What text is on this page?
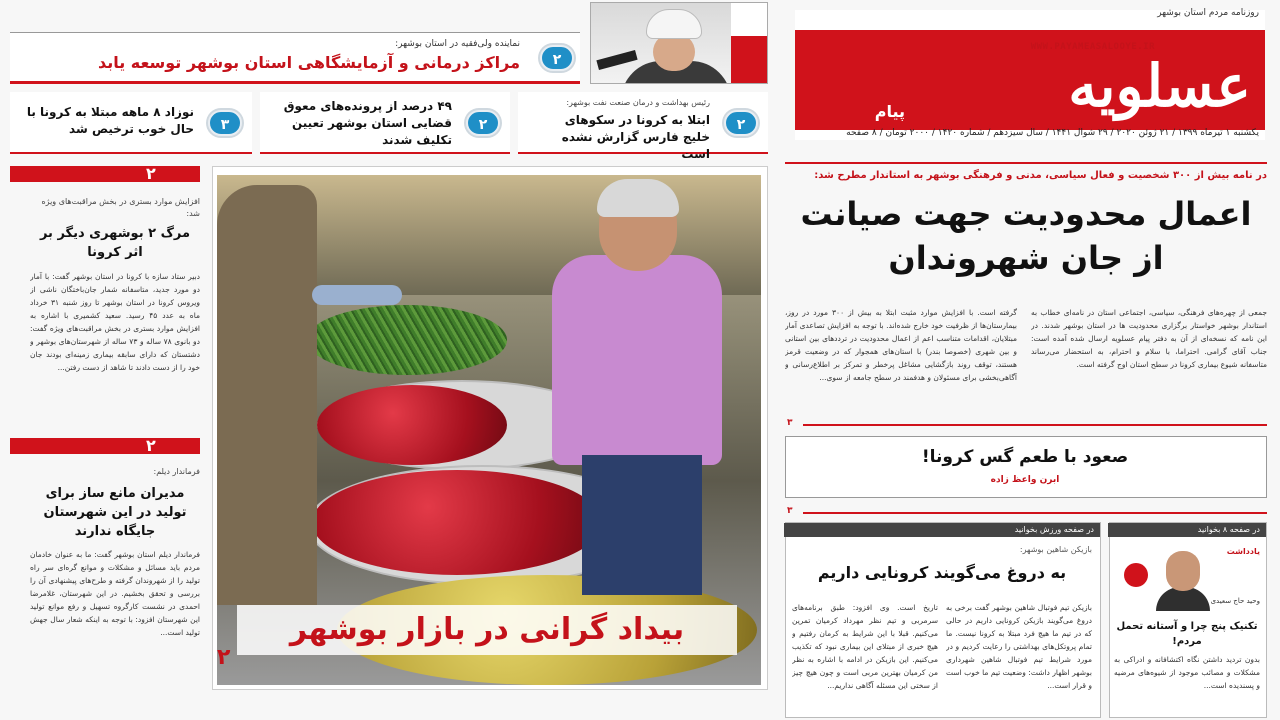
روزنامه مردم استان بوشهر
عسلویه
پیام
WWW.PAYAMEASALOOYE.IR
یکشنبه ۱ تیرماه ۱۳۹۹ / ۲۱ ژوئن ۲۰۲۰ / ۲۹ شوال ۱۴۴۱ / سال سیزدهم / شماره ۱۴۲۰ / ۲۰۰۰ تومان / ۸ صفحه
نماینده ولی‌فقیه در استان بوشهر:
مراکز درمانی و آزمایشگاهی استان بوشهر توسعه یابد	۲
رئیس بهداشت و درمان صنعت نفت بوشهر:
ابتلا به کرونا در سکوهای خلیج فارس گزارش نشده است
۲
۴۹ درصد از پرونده‌های معوق قضایی استان بوشهر تعیین تکلیف شدند
۲
نوزاد ۸ ماهه مبتلا به کرونا با حال خوب ترخیص شد	۳
در نامه بیش از ۳۰۰ شخصیت و فعال سیاسی، مدنی و فرهنگی بوشهر به استاندار مطرح شد:
اعمال محدودیت جهت صیانت
از جان شهروندان
جمعی از چهره‌های فرهنگی، سیاسی، اجتماعی استان در نامه‌ای خطاب به استاندار بوشهر خواستار برگزاری محدودیت ها در استان بوشهر شدند. در این نامه که نسخه‌ای از آن به دفتر پیام عسلویه ارسال شده آمده است: جناب آقای گرامی. احتراما، با سلام و احترام، به استحضار می‌رساند متاسفانه شیوع بیماری کرونا در سطح استان اوج گرفته است.
گرفته است. با افزایش موارد مثبت ابتلا به بیش از ۳۰۰ مورد در روز، بیمارستان‌ها از ظرفیت خود خارج شده‌اند. با توجه به افزایش تصاعدی آمار مبتلایان، اقدامات متناسب اعم از اعمال محدودیت در ترددهای بین استانی و بین شهری (خصوصا بندر) با استان‌های همجوار که در وضعیت قرمز هستند، توقف روند بازگشایی مشاغل پرخطر و تمرکز بر اطلاع‌رسانی و آگاهی‌بخشی برای مسئولان و هدفمند در سطح جامعه از سوی...
۳
صعود با طعم گس کرونا!
ابرن واعظ زاده
۳
در صفحه ورزش بخوانید
بازیکن شاهین بوشهر:
به دروغ می‌گویند کرونایی داریم
بازیکن تیم فوتبال شاهین بوشهر گفت برخی به دروغ می‌گویند بازیکن کرونایی داریم در حالی که در تیم ما هیچ فرد مبتلا به کرونا نیست. ما تمام پروتکل‌های بهداشتی را رعایت کردیم و در مورد شرایط تیم فوتبال شاهین شهرداری بوشهر اظهار داشت: وضعیت تیم ما خوب است و قرار است...
تاریخ است. وی افزود: طبق برنامه‌های سرمربی و تیم نظر مهرداد کرمیان تمرین می‌کنیم. قبلا با این شرایط به کرمان رفتیم و هیچ خبری از مبتلای این بیماری نبود که تکذیب می‌کنیم. این بازیکن در ادامه با اشاره به نظر من کرمیان بهترین مربی است و چون هیچ چیز از سختی این مسئله آگاهی نداریم...
در صفحه ۸ بخوانید
یادداشت
وحید حاج سعیدی
تکنیک پنج چرا و آستانه تحمل مردم!
بدون تردید داشتن نگاه اکتشافانه و ادراکی به مشکلات و مصائب موجود از شیوه‌های مرضیه و پسندیده است...
بیداد گرانی در بازار بوشهر
۲
۲
افزایش موارد بستری در بخش مراقبت‌های ویژه شد:
مرگ ۲ بوشهری دیگر بر اثر کرونا
دبیر ستاد سازه‌ با کرونا در استان بوشهر گفت: با آمار دو مورد جدید، متاسفانه شمار جان‌باختگان ناشی از ویروس کرونا در استان بوشهر تا روز شنبه ۳۱ خرداد ماه به عدد ۴۵ رسید. سعید کشمیری با اشاره به افزایش موارد بستری در بخش مراقبت‌های ویژه گفت: دو بانوی ۷۸ ساله و ۷۳ ساله از شهرستان‌های بوشهر و دشتستان که دارای سابقه بیماری زمینه‌ای بودند جان خود را از دست دادند تا شاهد از دست رفتن...
۲
فرماندار دیلم:
مدیران مانع ساز برای تولید در این شهرستان جایگاه ندارند
فرماندار دیلم استان بوشهر گفت: ما به عنوان خادمان مردم باید مسائل و مشکلات و موانع گره‌ای سر راه تولید را از شهروندان گرفته و طرح‌های پیشنهادی آن را بررسی و تحقق بخشیم. در این شهرستان، غلامرضا احمدی در نشست کارگروه تسهیل و رفع موانع تولید این شهرستان افزود: با توجه به اینکه شعار سال جهش تولید است...
